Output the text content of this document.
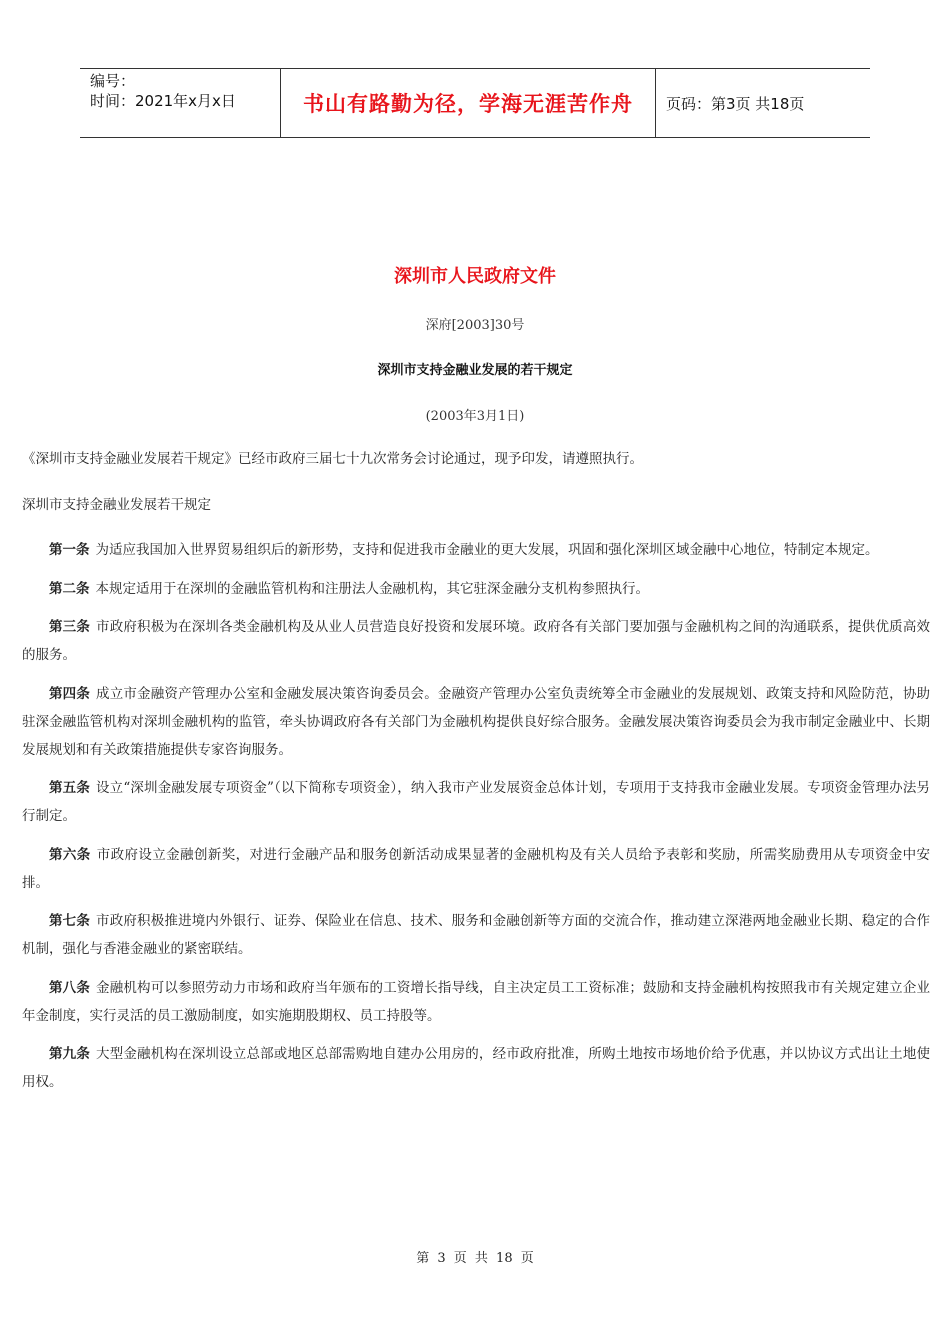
编号：
时间：2021年x月x日	书山有路勤为径，学海无涯苦作舟	页码：第3页 共18页
深圳市人民政府文件
深府[2003]30号
深圳市支持金融业发展的若干规定
(2003年3月1日)
《深圳市支持金融业发展若干规定》已经市政府三届七十九次常务会讨论通过，现予印发，请遵照执行。
深圳市支持金融业发展若干规定

第一条 为适应我国加入世界贸易组织后的新形势，支持和促进我市金融业的更大发展，巩固和强化深圳区域金融中心地位，特制定本规定。

第二条 本规定适用于在深圳的金融监管机构和注册法人金融机构，其它驻深金融分支机构参照执行。

第三条 市政府积极为在深圳各类金融机构及从业人员营造良好投资和发展环境。政府各有关部门要加强与金融机构之间的沟通联系，提供优质高效的服务。

第四条 成立市金融资产管理办公室和金融发展决策咨询委员会。金融资产管理办公室负责统筹全市金融业的发展规划、政策支持和风险防范，协助驻深金融监管机构对深圳金融机构的监管，牵头协调政府各有关部门为金融机构提供良好综合服务。金融发展决策咨询委员会为我市制定金融业中、长期发展规划和有关政策措施提供专家咨询服务。

第五条 设立“深圳金融发展专项资金”（以下简称专项资金），纳入我市产业发展资金总体计划，专项用于支持我市金融业发展。专项资金管理办法另行制定。

第六条 市政府设立金融创新奖，对进行金融产品和服务创新活动成果显著的金融机构及有关人员给予表彰和奖励，所需奖励费用从专项资金中安排。

第七条 市政府积极推进境内外银行、证券、保险业在信息、技术、服务和金融创新等方面的交流合作，推动建立深港两地金融业长期、稳定的合作机制，强化与香港金融业的紧密联结。

第八条 金融机构可以参照劳动力市场和政府当年颁布的工资增长指导线，自主决定员工工资标准；鼓励和支持金融机构按照我市有关规定建立企业年金制度，实行灵活的员工激励制度，如实施期股期权、员工持股等。

第九条 大型金融机构在深圳设立总部或地区总部需购地自建办公用房的，经市政府批准，所购土地按市场地价给予优惠，并以协议方式出让土地使用权。

第 3 页 共 18 页
